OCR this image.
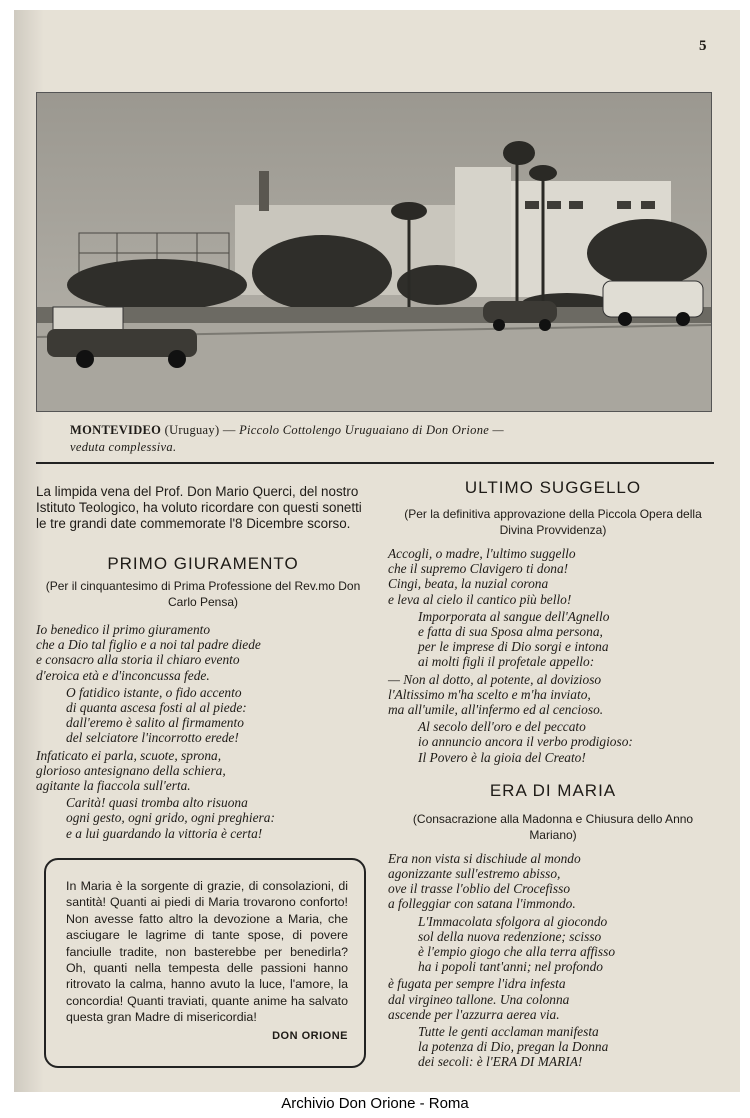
5
MONTEVIDEO (Uruguay) — Piccolo Cottolengo Uruguaiano di Don Orione —
veduta complessiva.

La limpida vena del Prof. Don Mario Querci, del nostro Istituto Teologico, ha voluto ricordare con questi sonetti le tre grandi date commemorate l'8 Dicembre scorso.

PRIMO GIURAMENTO

(Per il cinquantesimo di Prima Professione del Rev.mo Don Carlo Pensa)

Io benedico il primo giuramento
che a Dio tal figlio e a noi tal padre diede
e consacro alla storia il chiaro evento
d'eroica età e d'inconcussa fede.
O fatidico istante, o fido accento
di quanta ascesa fosti al al piede:
dall'eremo è salito al firmamento
del selciatore l'incorrotto erede!
Infaticato ei parla, scuote, sprona,
glorioso antesignano della schiera,
agitante la fiaccola sull'erta.
Carità! quasi tromba alto risuona
ogni gesto, ogni grido, ogni preghiera:
e a lui guardando la vittoria è certa!

In Maria è la sorgente di grazie, di consolazioni, di santità! Quanti ai piedi di Maria trovarono conforto! Non avesse fatto altro la devozione a Maria, che asciugare le lagrime di tante spose, di povere fanciulle tradite, non basterebbe per benedirla? Oh, quanti nella tempesta delle passioni hanno ritrovato la calma, hanno avuto la luce, l'amore, la concordia! Quanti traviati, quante anime ha salvato questa gran Madre di misericordia!

DON ORIONE
ULTIMO SUGGELLO

(Per la definitiva approvazione della Piccola Opera della Divina Provvidenza)

Accogli, o madre, l'ultimo suggello
che il supremo Clavigero ti dona!
Cingi, beata, la nuzial corona
e leva al cielo il cantico più bello!
Imporporata al sangue dell'Agnello
e fatta di sua Sposa alma persona,
per le imprese di Dio sorgi e intona
ai molti figli il profetale appello:
— Non al dotto, al potente, al dovizioso
l'Altissimo m'ha scelto e m'ha inviato,
ma all'umile, all'infermo ed al cencioso.
Al secolo dell'oro e del peccato
io annuncio ancora il verbo prodigioso:
Il Povero è la gioia del Creato!
ERA DI MARIA

(Consacrazione alla Madonna e Chiusura dello Anno Mariano)

Era non vista si dischiude al mondo
agonizzante sull'estremo abisso,
ove il trasse l'oblio del Crocefisso
a folleggiar con satana l'immondo.
L'Immacolata sfolgora al giocondo
sol della nuova redenzione; scisso
è l'empio giogo che alla terra affisso
ha i popoli tant'anni; nel profondo
è fugata per sempre l'idra infesta
dal virgineo tallone. Una colonna
ascende per l'azzurra aerea via.
Tutte le genti acclaman manifesta
la potenza di Dio, pregan la Donna
dei secoli: è l'ERA DI MARIA!
Archivio Don Orione - Roma
